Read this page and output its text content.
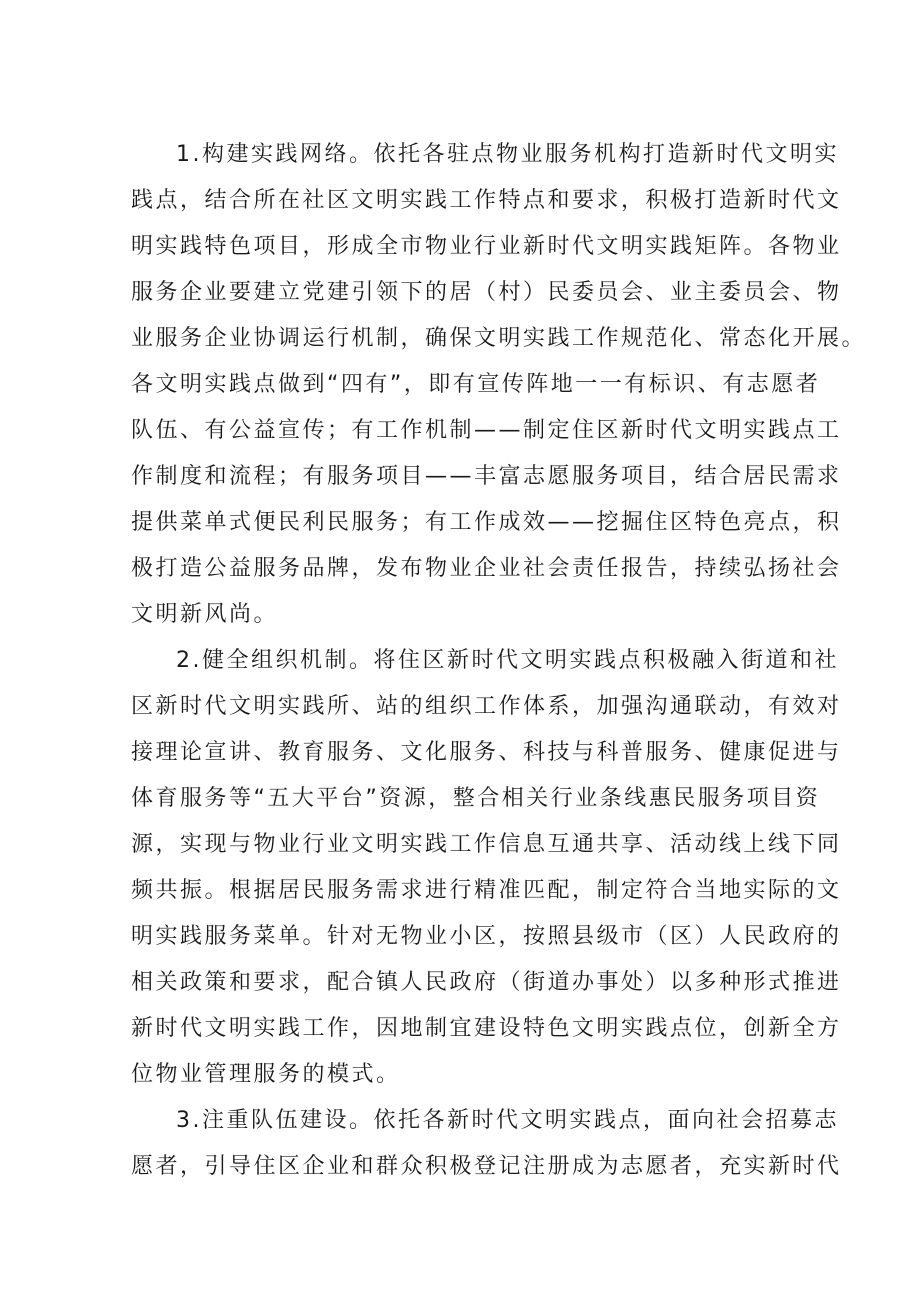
1.构建实践网络。依托各驻点物业服务机构打造新时代文明实
践点，结合所在社区文明实践工作特点和要求，积极打造新时代文
明实践特色项目，形成全市物业行业新时代文明实践矩阵。各物业
服务企业要建立党建引领下的居（村）民委员会、业主委员会、物
业服务企业协调运行机制，确保文明实践工作规范化、常态化开展。
各文明实践点做到“四有”，即有宣传阵地一一有标识、有志愿者
队伍、有公益宣传；有工作机制——制定住区新时代文明实践点工
作制度和流程；有服务项目——丰富志愿服务项目，结合居民需求
提供菜单式便民利民服务；有工作成效——挖掘住区特色亮点，积
极打造公益服务品牌，发布物业企业社会责任报告，持续弘扬社会
文明新风尚。
2.健全组织机制。将住区新时代文明实践点积极融入街道和社
区新时代文明实践所、站的组织工作体系，加强沟通联动，有效对
接理论宣讲、教育服务、文化服务、科技与科普服务、健康促进与
体育服务等“五大平台”资源，整合相关行业条线惠民服务项目资
源，实现与物业行业文明实践工作信息互通共享、活动线上线下同
频共振。根据居民服务需求进行精准匹配，制定符合当地实际的文
明实践服务菜单。针对无物业小区，按照县级市（区）人民政府的
相关政策和要求，配合镇人民政府（街道办事处）以多种形式推进
新时代文明实践工作，因地制宜建设特色文明实践点位，创新全方
位物业管理服务的模式。
3.注重队伍建设。依托各新时代文明实践点，面向社会招募志
愿者，引导住区企业和群众积极登记注册成为志愿者，充实新时代
